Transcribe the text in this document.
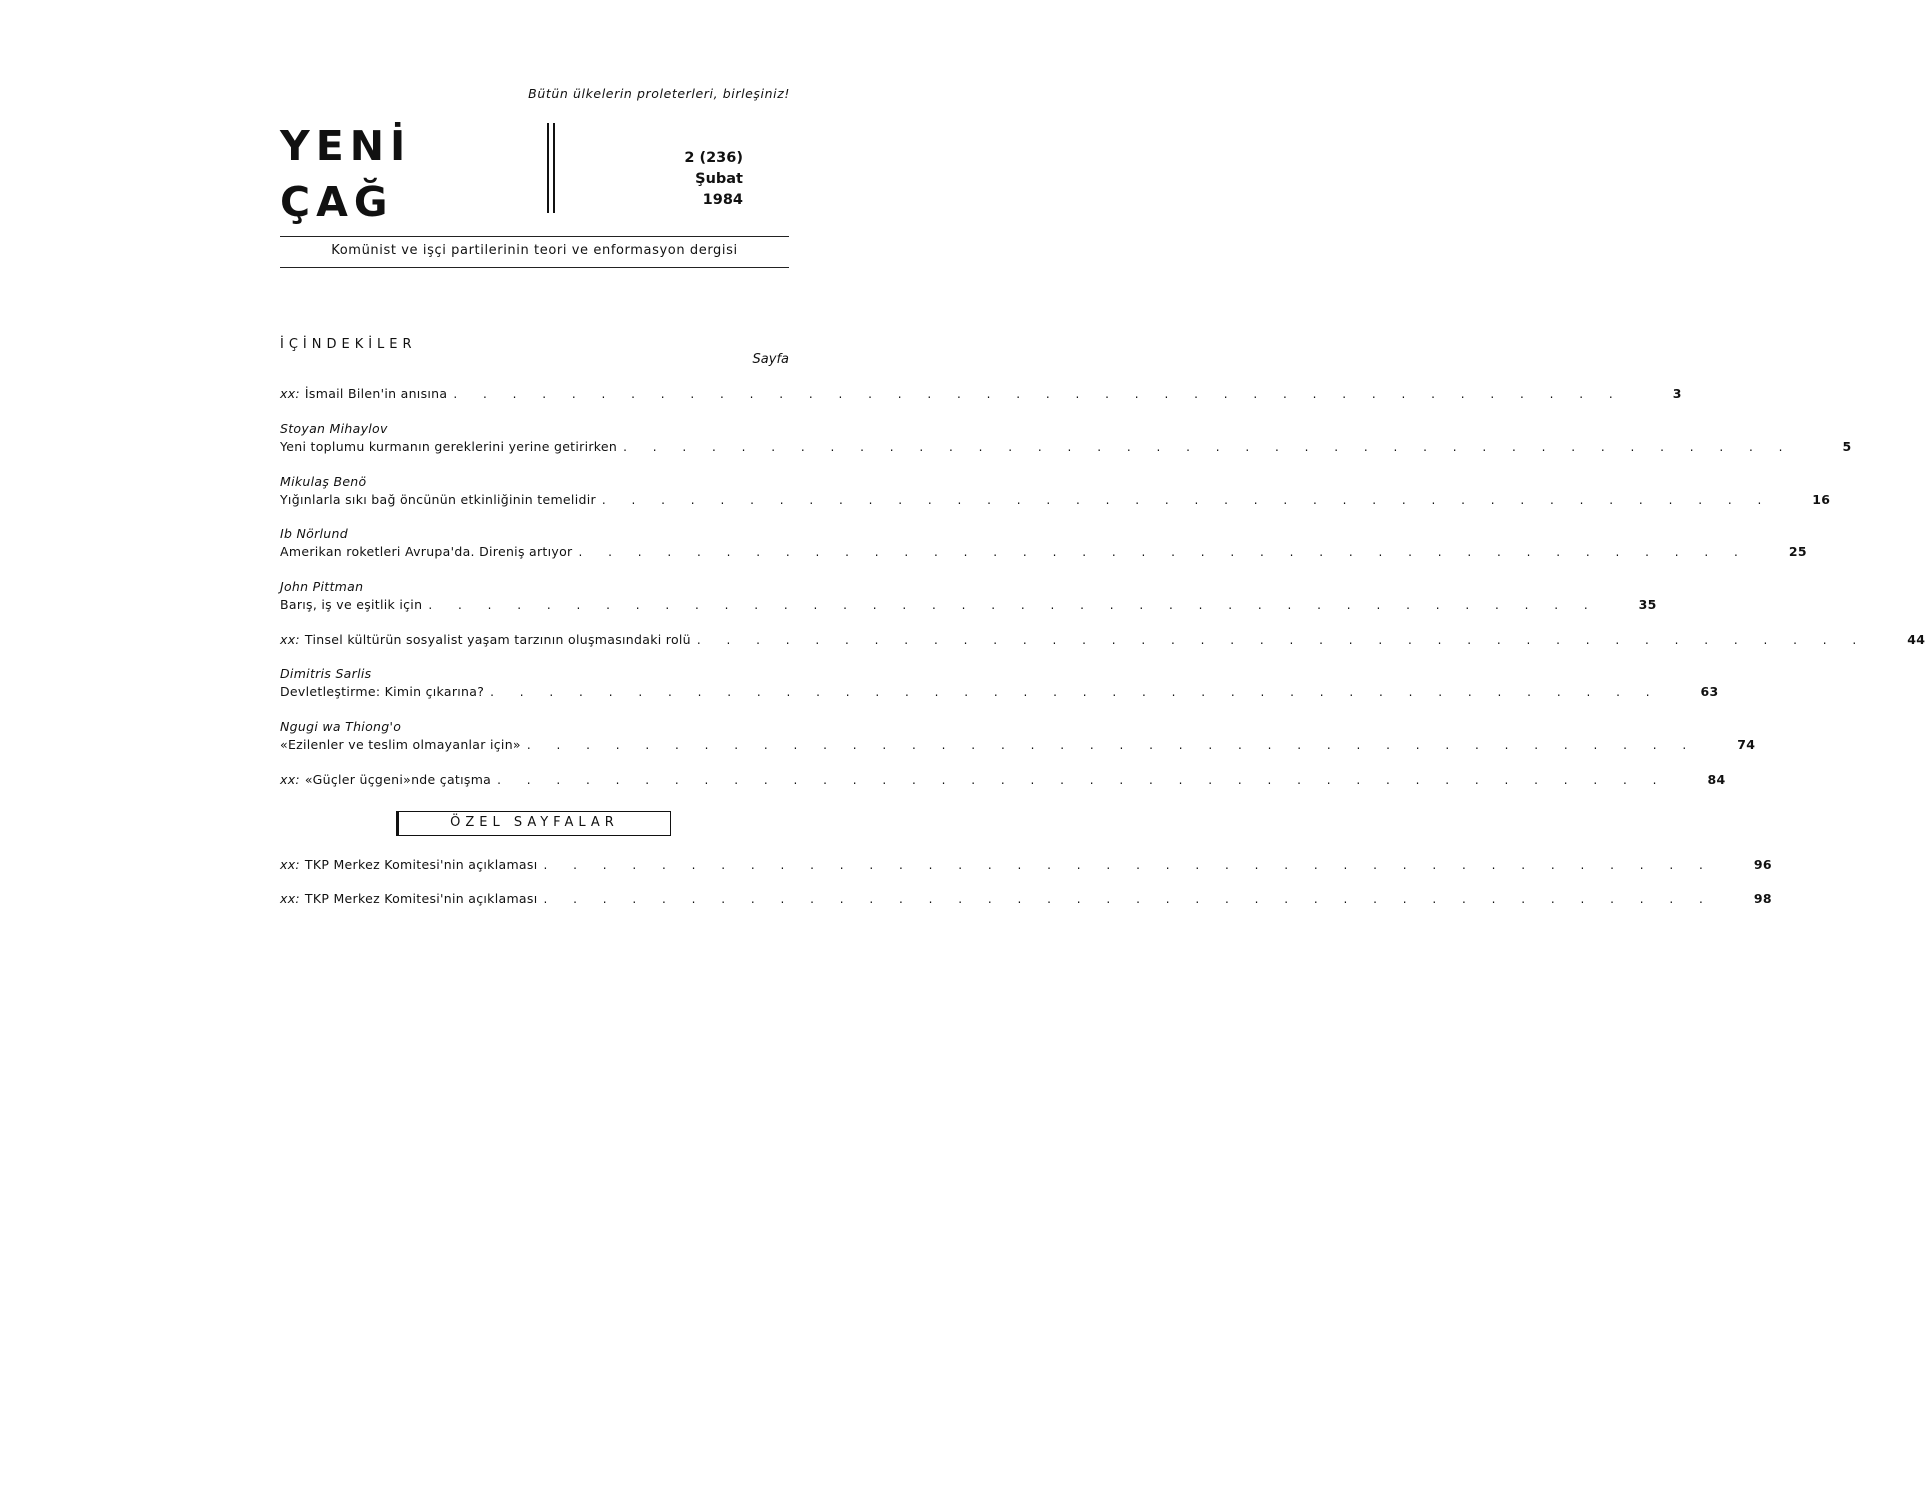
Bütün ülkelerin proleterleri, birleşiniz!
YENİ
ÇAĞ
2 (236)
Şubat
1984
Komünist ve işçi partilerinin teori ve enformasyon dergisi
İÇİNDEKİLER
Sayfa
xx: İsmail Bilen'in anısına . . . . . . . . . . . . . . . . . . . . . . . . . . . . . . . . . . . . . . . .	3
Stoyan Mihaylov
Yeni toplumu kurmanın gereklerini yerine getirirken . . . . . . . . . . . . . . . . . . . . . . . . . . . . . . . . . . . . . . . .	5
Mikulaş Benö
Yığınlarla sıkı bağ öncünün etkinliğinin temelidir . . . . . . . . . . . . . . . . . . . . . . . . . . . . . . . . . . . . . . . .	16
Ib Nörlund
Amerikan roketleri Avrupa'da. Direniş artıyor . . . . . . . . . . . . . . . . . . . . . . . . . . . . . . . . . . . . . . . .	25
John Pittman
Barış, iş ve eşitlik için . . . . . . . . . . . . . . . . . . . . . . . . . . . . . . . . . . . . . . . .	35
xx: Tinsel kültürün sosyalist yaşam tarzının oluşmasındaki rolü . . . . . . . . . . . . . . . . . . . . . . . . . . . . . . . . . . . . . . . .	44
Dimitris Sarlis
Devletleştirme: Kimin çıkarına? . . . . . . . . . . . . . . . . . . . . . . . . . . . . . . . . . . . . . . . .	63
Ngugi wa Thiong'o
«Ezilenler ve teslim olmayanlar için» . . . . . . . . . . . . . . . . . . . . . . . . . . . . . . . . . . . . . . . .	74
xx: «Güçler üçgeni»nde çatışma . . . . . . . . . . . . . . . . . . . . . . . . . . . . . . . . . . . . . . . .	84
ÖZEL SAYFALAR
xx: TKP Merkez Komitesi'nin açıklaması . . . . . . . . . . . . . . . . . . . . . . . . . . . . . . . . . . . . . . . .	96
xx: TKP Merkez Komitesi'nin açıklaması . . . . . . . . . . . . . . . . . . . . . . . . . . . . . . . . . . . . . . . .	98
